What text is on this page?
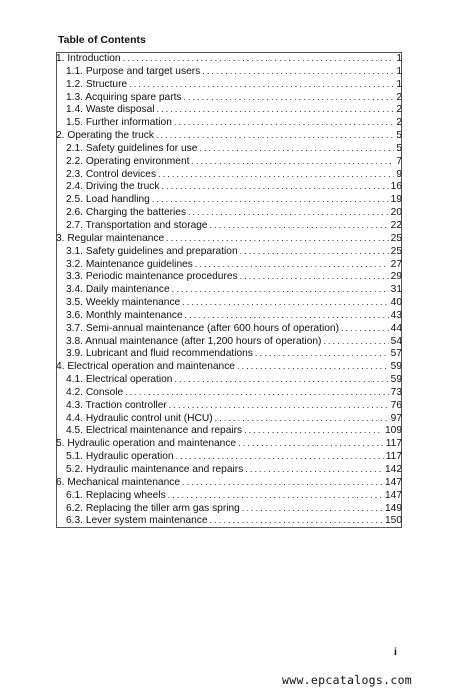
Table of Contents
1. Introduction . . .	1
1.1. Purpose and target users . . .	1
1.2. Structure . . .	1
1.3. Acquiring spare parts . . .	2
1.4. Waste disposal . . .	2
1.5. Further information . . .	2
2. Operating the truck . . .	5
2.1. Safety guidelines for use . . .	5
2.2. Operating environment . . .	7
2.3. Control devices . . .	9
2.4. Driving the truck . . .	16
2.5. Load handling . . .	19
2.6. Charging the batteries . . .	20
2.7. Transportation and storage . . .	22
3. Regular maintenance . . .	25
3.1. Safety guidelines and preparation . . .	25
3.2. Maintenance guidelines . . .	27
3.3. Periodic maintenance procedures . . .	29
3.4. Daily maintenance . . .	31
3.5. Weekly maintenance . . .	40
3.6. Monthly maintenance . . .	43
3.7. Semi-annual maintenance (after 600 hours of operation) . . .	44
3.8. Annual maintenance (after 1,200 hours of operation) . . .	54
3.9. Lubricant and fluid recommendations . . .	57
4. Electrical operation and maintenance . . .	59
4.1. Electrical operation . . .	59
4.2. Console . . .	73
4.3. Traction controller . . .	76
4.4. Hydraulic control unit (HCU) . . .	97
4.5. Electrical maintenance and repairs . . .	109
5. Hydraulic operation and maintenance . . .	117
5.1. Hydraulic operation . . .	117
5.2. Hydraulic maintenance and repairs . . .	142
6. Mechanical maintenance . . .	147
6.1. Replacing wheels . . .	147
6.2. Replacing the tiller arm gas spring . . .	149
6.3. Lever system maintenance . . .	150
i
www.epcatalogs.com
